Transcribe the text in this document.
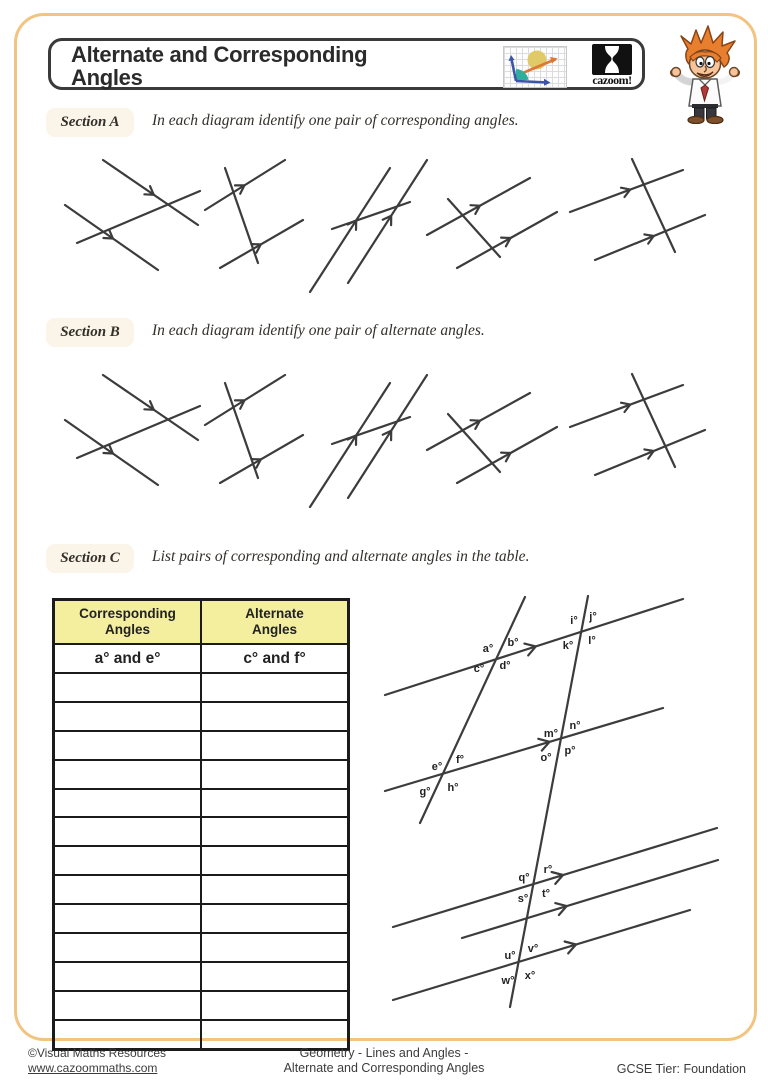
Alternate and Corresponding
Angles	cazoom!
Section A In each diagram identify one pair of corresponding angles.
Section B In each diagram identify one pair of alternate angles.
Section C List pairs of corresponding and alternate angles in the table.
Corresponding
Angles

Alternate
Angles

a° and e°	c° and f°

a° b°
c° d°
i° j°
k° l°
e°
f°
g° h°
m°
n°
o°
p°
q°
r°
s° t°
u°
v°
w° x°
©Visual Maths Resources
www.cazoommaths.com
Geometry - Lines and Angles -
Alternate and Corresponding Angles	GCSE Tier: Foundation
